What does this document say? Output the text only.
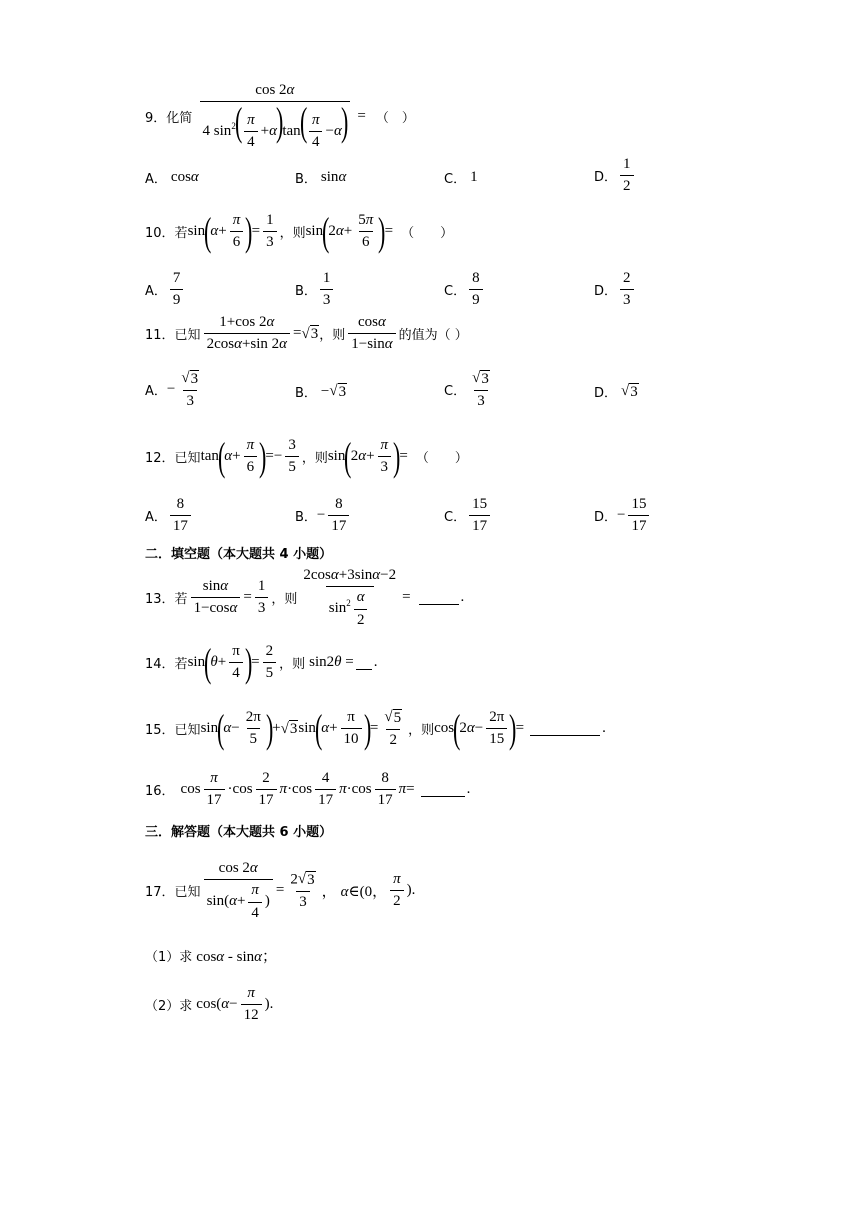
9． 化简 $\frac{\cos 2\alpha}{4 \sin^2( \frac{\pi}{4} +\alpha)\tan( \frac{\pi}{4} -\alpha)}$ = （　）
A． cosα	B． sinα	C． 1	D． $\frac{1}{2}$
10． 若 sin
(
$\alpha + \frac{\pi}{6}$ )
= $\frac{1}{3}$ ，则 sin
(
2 $\alpha + \frac{5\pi}{6}$ )
= （　　）
A． $\frac{7}{9}$	B． $\frac{1}{3}$	C． $\frac{8}{9}$	D． $\frac{2}{3}$
11． 已知 $\frac{1+\cos 2\alpha}{2\cos\alpha+\sin 2\alpha}$ = √ 3 ，则 $\frac{\cos\alpha}{1-\sin\alpha}$ 的值为（ ）
A． − $\frac{√ 3}{3}$	B． −√ 3	C． $\frac{√ 3}{3}$	D． √ 3
12． 已知 tan
(
$\alpha + \frac{\pi}{6}$ )
=− $\frac{3}{5}$ ，则 sin
(
2 $\alpha + \frac{\pi}{3}$ )
= （　　）
A． $\frac{8}{17}$	B． − $\frac{8}{17}$	C． $\frac{15}{17}$	D． − $\frac{15}{17}$
二．填空题（本大题共 4 小题）
13． 若 $\frac{\sin\alpha}{1-\cos\alpha} = \frac{1}{3}$ ，则 $\frac{2\cos\alpha+3\sin\alpha-2}{\sin^2 \frac{\alpha}{2}}$ =	.
14． 若 sin
(
$\theta + \frac{\pi}{4}$ )
= $\frac{2}{5}$ ，则 sin2θ = .
15． 已知 sin
(
$\alpha - \frac{2\pi}{5}$ )
+ √ 3 sin
(
$\alpha + \frac{\pi}{10}$ )
= $\frac{√ 5}{2}$ ，则 cos
(
2 $\alpha - \frac{2\pi}{15}$ )
=	.
16． $\cos \frac{\pi}{17} \cdot\cos \frac{2}{17}$ $\pi \cdot\cos \frac{4}{17}$ $\pi \cdot\cos \frac{8}{17}$ π =	.
三．解答题（本大题共 6 小题）
17． 已知 $\frac{\cos 2\alpha}{\sin(\alpha+ \frac{\pi}{4} )} = \frac{2√ 3}{3}$ ， α∈(0， $\frac{\pi}{2}$ ).
（1）求 cosα - sinα；
（2）求 $\cos(\alpha- \frac{\pi}{12}$ ).
